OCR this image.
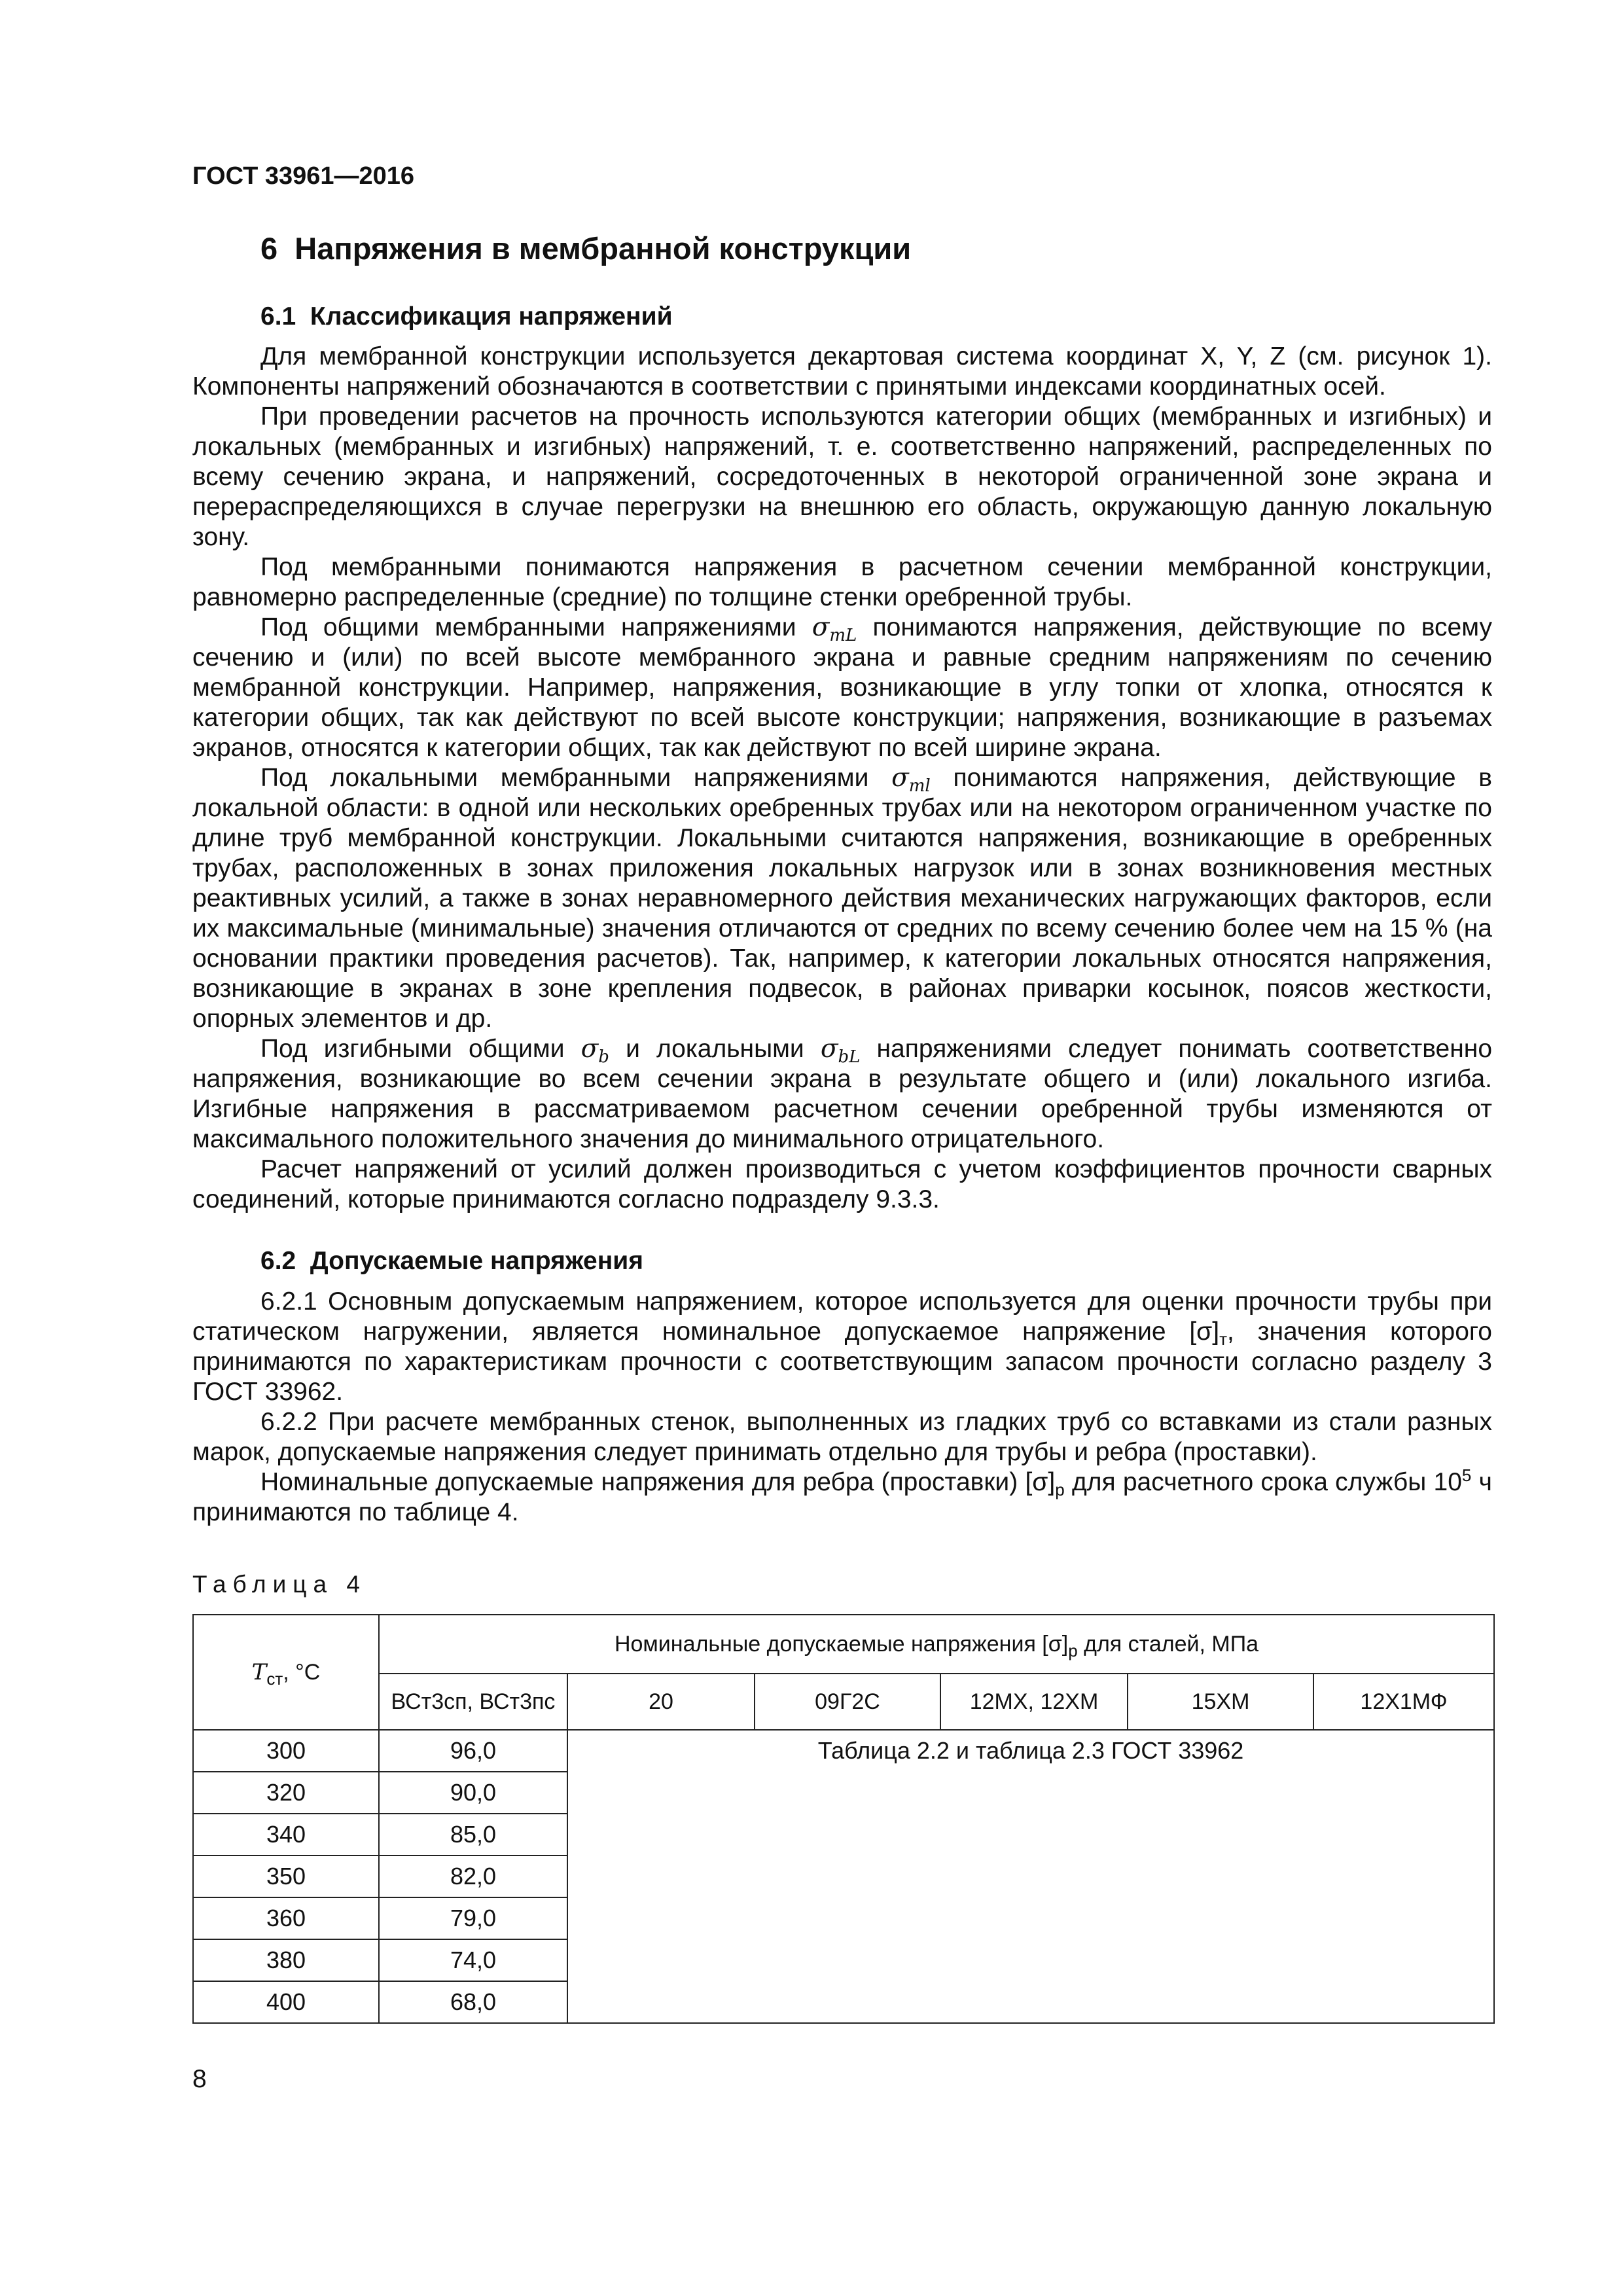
ГОСТ 33961—2016
6 Напряжения в мембранной конструкции
6.1 Классификация напряжений

Для мембранной конструкции используется декартовая система координат X, Y, Z (см. рисунок 1). Компоненты напряжений обозначаются в соответствии с принятыми индексами координатных осей.

При проведении расчетов на прочность используются категории общих (мембранных и изгибных) и локальных (мембранных и изгибных) напряжений, т. е. соответственно напряжений, распределенных по всему сечению экрана, и напряжений, сосредоточенных в некоторой ограниченной зоне экрана и перераспределяющихся в случае перегрузки на внешнюю его область, окружающую данную локальную зону.

Под мембранными понимаются напряжения в расчетном сечении мембранной конструкции, равномерно распределенные (средние) по толщине стенки оребренной трубы.

Под общими мембранными напряжениями $\sigma_{mL}$ понимаются напряжения, действующие по всему сечению и (или) по всей высоте мембранного экрана и равные средним напряжениям по сечению мембранной конструкции. Например, напряжения, возникающие в углу топки от хлопка, относятся к категории общих, так как действуют по всей высоте конструкции; напряжения, возникающие в разъемах экранов, относятся к категории общих, так как действуют по всей ширине экрана.

Под локальными мембранными напряжениями $\sigma_{ml}$ понимаются напряжения, действующие в локальной области: в одной или нескольких оребренных трубах или на некотором ограниченном участке по длине труб мембранной конструкции. Локальными считаются напряжения, возникающие в оребренных трубах, расположенных в зонах приложения локальных нагрузок или в зонах возникновения местных реактивных усилий, а также в зонах неравномерного действия механических нагружающих факторов, если их максимальные (минимальные) значения отличаются от средних по всему сечению более чем на 15 % (на основании практики проведения расчетов). Так, например, к категории локальных относятся напряжения, возникающие в экранах в зоне крепления подвесок, в районах приварки косынок, поясов жесткости, опорных элементов и др.

Под изгибными общими $\sigma_b$ и локальными $\sigma_{bL}$ напряжениями следует понимать соответственно напряжения, возникающие во всем сечении экрана в результате общего и (или) локального изгиба. Изгибные напряжения в рассматриваемом расчетном сечении оребренной трубы изменяются от максимального положительного значения до минимального отрицательного.

Расчет напряжений от усилий должен производиться с учетом коэффициентов прочности сварных соединений, которые принимаются согласно подразделу 9.3.3.

6.2 Допускаемые напряжения

6.2.1 Основным допускаемым напряжением, которое используется для оценки прочности трубы при статическом нагружении, является номинальное допускаемое напряжение $[\sigma]_т$, значения которого принимаются по характеристикам прочности с соответствующим запасом прочности согласно разделу 3 ГОСТ 33962.

6.2.2 При расчете мембранных стенок, выполненных из гладких труб со вставками из стали разных марок, допускаемые напряжения следует принимать отдельно для трубы и ребра (проставки).

Номинальные допускаемые напряжения для ребра (проставки) $[\sigma]_р$ для расчетного срока службы $10^5$ ч принимаются по таблице 4.

Таблица 4
$T_{ст}$, °С	Номинальные допускаемые напряжения $[\sigma]_р$ для сталей, МПа					
	ВСт3сп, ВСт3пс	20	09Г2С	12МХ, 12ХМ	15ХМ	12Х1МФ
300	96,0	Таблица 2.2 и таблица 2.3 ГОСТ 33962				
320	90,0					
340	85,0					
350	82,0					
360	79,0					
380	74,0					
400	68,0					
8
